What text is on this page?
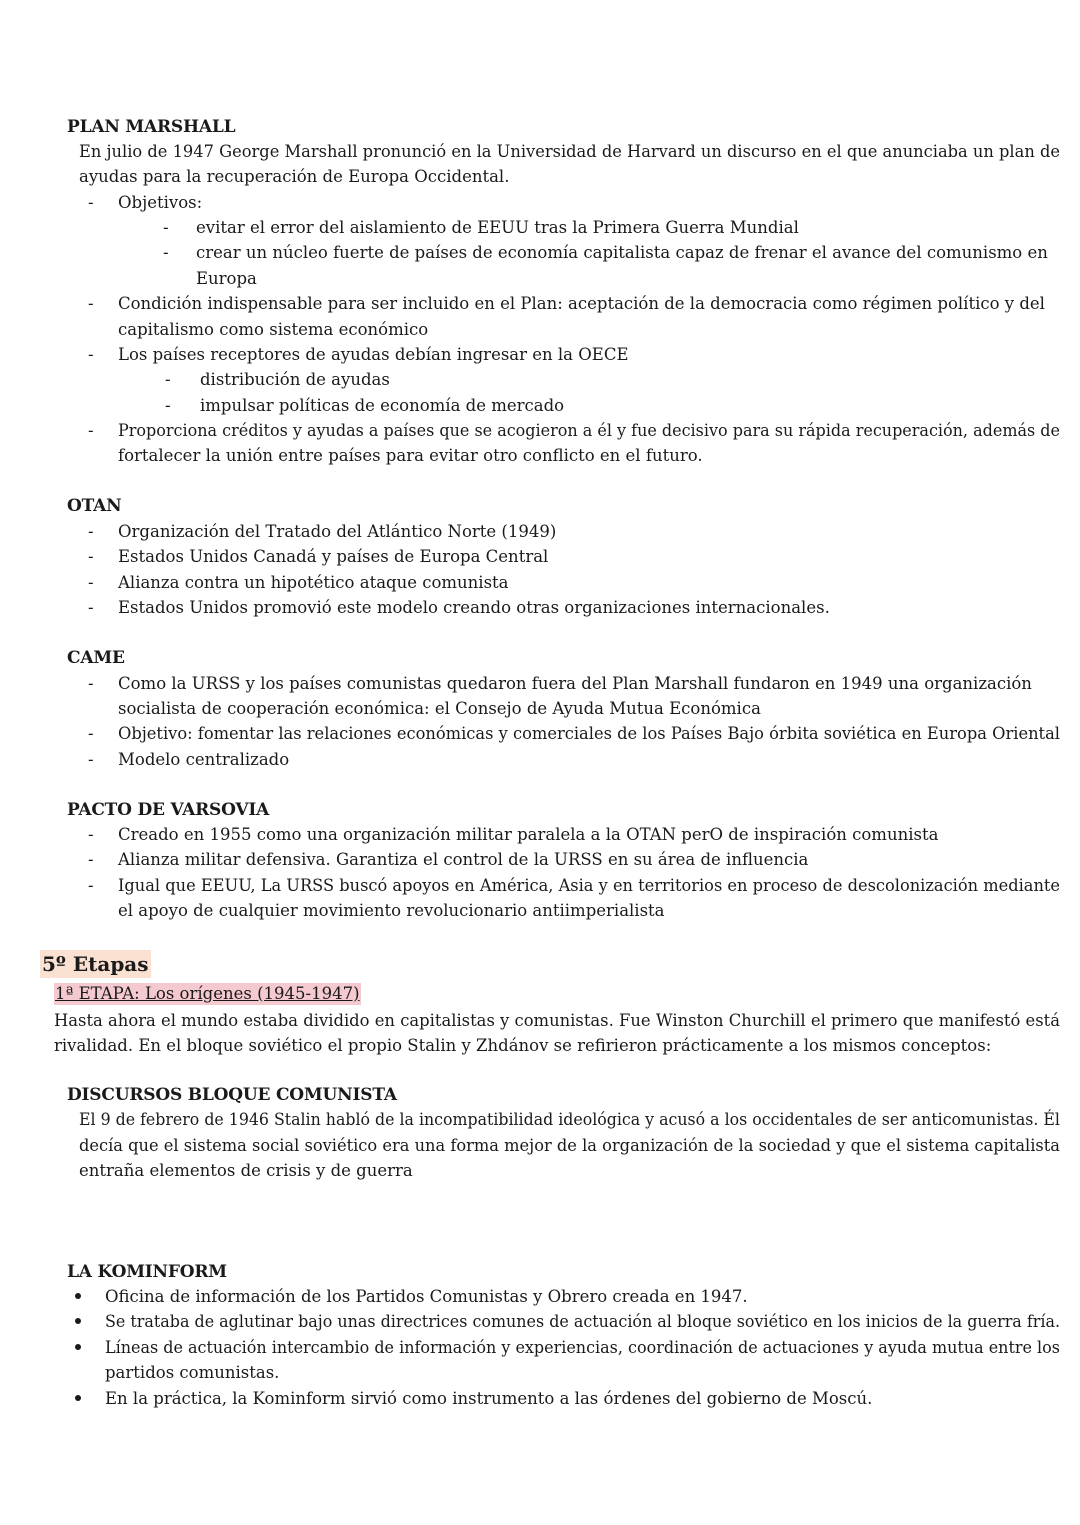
PLAN MARSHALL
En julio de 1947 George Marshall pronunció en la Universidad de Harvard un discurso en el que anunciaba un plan de
ayudas para la recuperación de Europa Occidental.
- Objetivos:
- evitar el error del aislamiento de EEUU tras la Primera Guerra Mundial
- crear un núcleo fuerte de países de economía capitalista capaz de frenar el avance del comunismo en
Europa
- Condición indispensable para ser incluido en el Plan: aceptación de la democracia como régimen político y del
capitalismo como sistema económico
- Los países receptores de ayudas debían ingresar en la OECE
- distribución de ayudas
- impulsar políticas de economía de mercado
- Proporciona créditos y ayudas a países que se acogieron a él y fue decisivo para su rápida recuperación, además de
fortalecer la unión entre países para evitar otro conflicto en el futuro.
OTAN
- Organización del Tratado del Atlántico Norte (1949)
- Estados Unidos Canadá y países de Europa Central
- Alianza contra un hipotético ataque comunista
- Estados Unidos promovió este modelo creando otras organizaciones internacionales.
CAME
- Como la URSS y los países comunistas quedaron fuera del Plan Marshall fundaron en 1949 una organización
socialista de cooperación económica: el Consejo de Ayuda Mutua Económica
- Objetivo: fomentar las relaciones económicas y comerciales de los Países Bajo órbita soviética en Europa Oriental
- Modelo centralizado
PACTO DE VARSOVIA
- Creado en 1955 como una organización militar paralela a la OTAN perO de inspiración comunista
- Alianza militar defensiva. Garantiza el control de la URSS en su área de influencia
- Igual que EEUU, La URSS buscó apoyos en América, Asia y en territorios en proceso de descolonización mediante
el apoyo de cualquier movimiento revolucionario antiimperialista
5º Etapas
1ª ETAPA: Los orígenes (1945-1947)
Hasta ahora el mundo estaba dividido en capitalistas y comunistas. Fue Winston Churchill el primero que manifestó está
rivalidad. En el bloque soviético el propio Stalin y Zhdánov se refirieron prácticamente a los mismos conceptos:
DISCURSOS BLOQUE COMUNISTA
El 9 de febrero de 1946 Stalin habló de la incompatibilidad ideológica y acusó a los occidentales de ser anticomunistas. Él
decía que el sistema social soviético era una forma mejor de la organización de la sociedad y que el sistema capitalista
entraña elementos de crisis y de guerra
LA KOMINFORM
Oficina de información de los Partidos Comunistas y Obrero creada en 1947.
Se trataba de aglutinar bajo unas directrices comunes de actuación al bloque soviético en los inicios de la guerra fría.
Líneas de actuación intercambio de información y experiencias, coordinación de actuaciones y ayuda mutua entre los
partidos comunistas.
En la práctica, la Kominform sirvió como instrumento a las órdenes del gobierno de Moscú.
